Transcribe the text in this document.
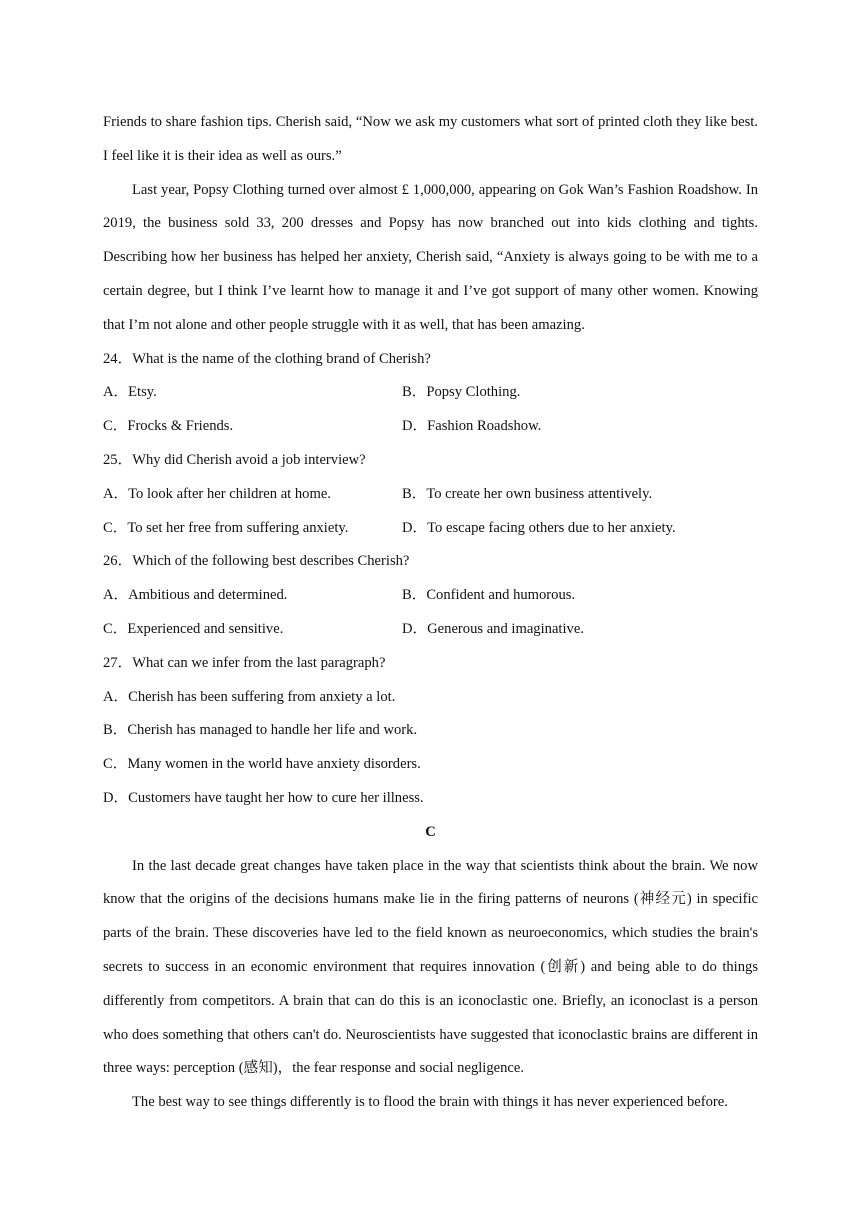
Friends to share fashion tips. Cherish said, “Now we ask my customers what sort of printed cloth they like best. I feel like it is their idea as well as ours.”

Last year, Popsy Clothing turned over almost £ 1,000,000, appearing on Gok Wan’s Fashion Roadshow. In 2019, the business sold 33, 200 dresses and Popsy has now branched out into kids clothing and tights. Describing how her business has helped her anxiety, Cherish said, “Anxiety is always going to be with me to a certain degree, but I think I’ve learnt how to manage it and I’ve got support of many other women. Knowing that I’m not alone and other people struggle with it as well, that has been amazing.

24．What is the name of the clothing brand of Cherish?

A．Etsy.	B．Popsy Clothing.
C．Frocks & Friends.	D．Fashion Roadshow.

25．Why did Cherish avoid a job interview?

A．To look after her children at home.	B．To create her own business attentively.
C．To set her free from suffering anxiety.	D．To escape facing others due to her anxiety.

26．Which of the following best describes Cherish?

A．Ambitious and determined.	B．Confident and humorous.
C．Experienced and sensitive.	D．Generous and imaginative.

27．What can we infer from the last paragraph?

A．Cherish has been suffering from anxiety a lot.

B．Cherish has managed to handle her life and work.

C．Many women in the world have anxiety disorders.

D．Customers have taught her how to cure her illness.

C

In the last decade great changes have taken place in the way that scientists think about the brain. We now know that the origins of the decisions humans make lie in the firing patterns of neurons (神经元) in specific parts of the brain. These discoveries have led to the field known as neuroeconomics, which studies the brain's secrets to success in an economic environment that requires innovation (创新) and being able to do things differently from competitors. A brain that can do this is an iconoclastic one. Briefly, an iconoclast is a person who does something that others can't do. Neuroscientists have suggested that iconoclastic brains are different in three ways: perception (感知)，the fear response and social negligence.

The best way to see things differently is to flood the brain with things it has never experienced before.
